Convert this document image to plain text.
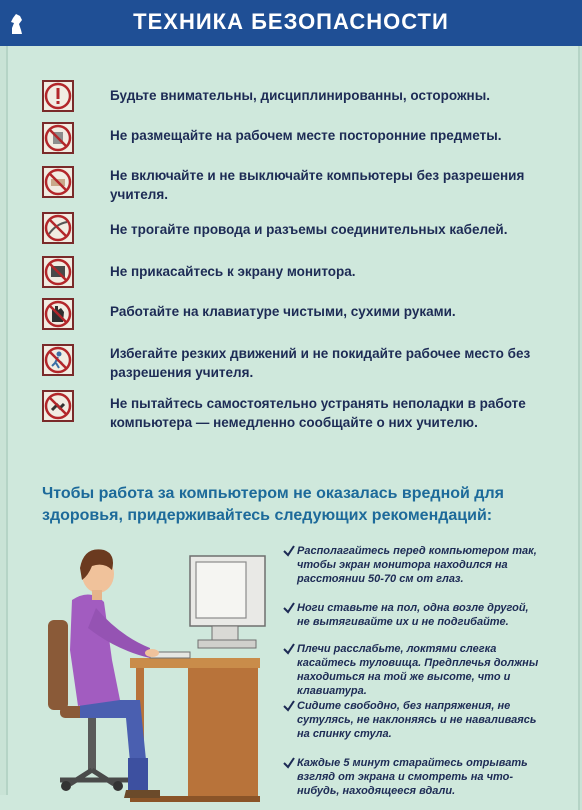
ТЕХНИКА БЕЗОПАСНОСТИ
Будьте внимательны, дисциплинированны, осторожны.
Не размещайте на рабочем месте посторонние предметы.
Не включайте и не выключайте компьютеры без разрешения учителя.
Не трогайте провода и разъемы соединительных кабелей.
Не прикасайтесь к экрану монитора.
Работайте на клавиатуре чистыми, сухими руками.
Избегайте резких движений и не покидайте рабочее место без разрешения учителя.
Не пытайтесь самостоятельно устранять неполадки в работе компьютера — немедленно сообщайте о них учителю.
Чтобы работа за компьютером не оказалась вредной для здоровья, придерживайтесь следующих рекомендаций:
Располагайтесь перед компьютером так, чтобы экран монитора находился на расстоянии 50-70 см от глаз.
Ноги ставьте на пол, одна возле другой, не вытягивайте их и не подгибайте.
Плечи расслабьте, локтями слегка касайтесь туловища. Предплечья должны находиться на той же высоте, что и клавиатура.
Сидите свободно, без напряжения, не сутулясь, не наклоняясь и не наваливаясь на спинку стула.
Каждые 5 минут старайтесь отрывать взгляд от экрана и смотреть на что-нибудь, находящееся вдали.
